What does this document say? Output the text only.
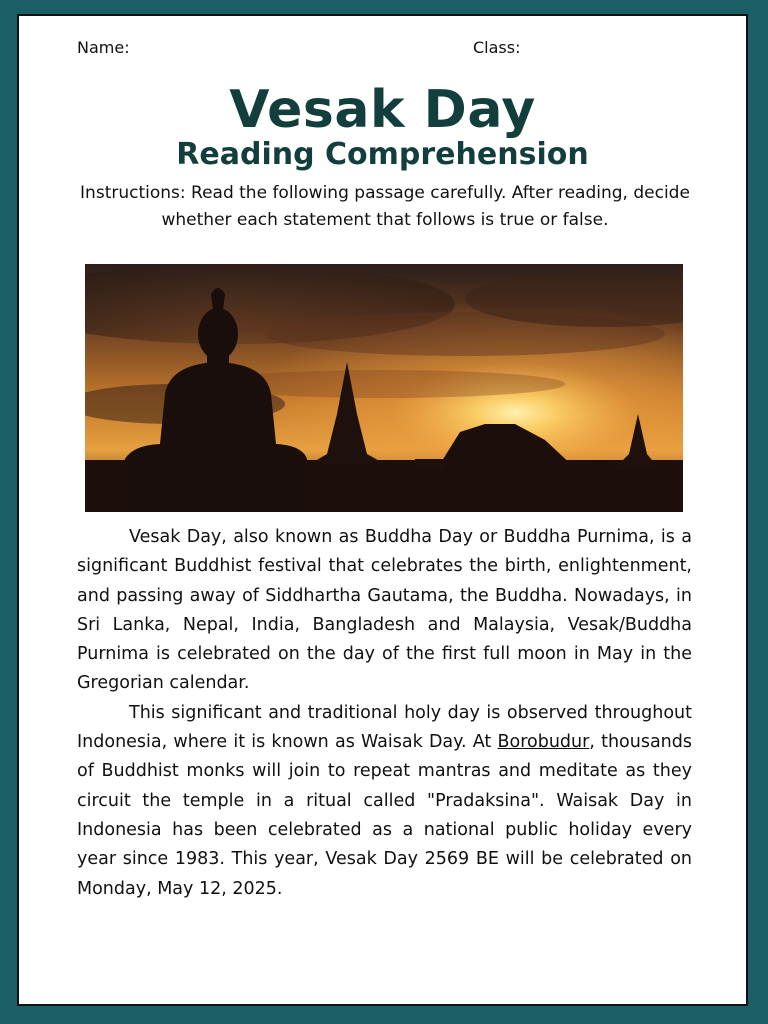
Name:	Class:
Vesak Day
Reading Comprehension
Instructions: Read the following passage carefully. After reading, decide whether each statement that follows is true or false.

Vesak Day, also known as Buddha Day or Buddha Purnima, is a significant Buddhist festival that celebrates the birth, enlightenment, and passing away of Siddhartha Gautama, the Buddha. Nowadays, in Sri Lanka, Nepal, India, Bangladesh and Malaysia, Vesak/Buddha Purnima is celebrated on the day of the first full moon in May in the Gregorian calendar.

This significant and traditional holy day is observed throughout Indonesia, where it is known as Waisak Day. At Borobudur, thousands of Buddhist monks will join to repeat mantras and meditate as they circuit the temple in a ritual called "Pradaksina". Waisak Day in Indonesia has been celebrated as a national public holiday every year since 1983. This year, Vesak Day 2569 BE will be celebrated on Monday, May 12, 2025.
